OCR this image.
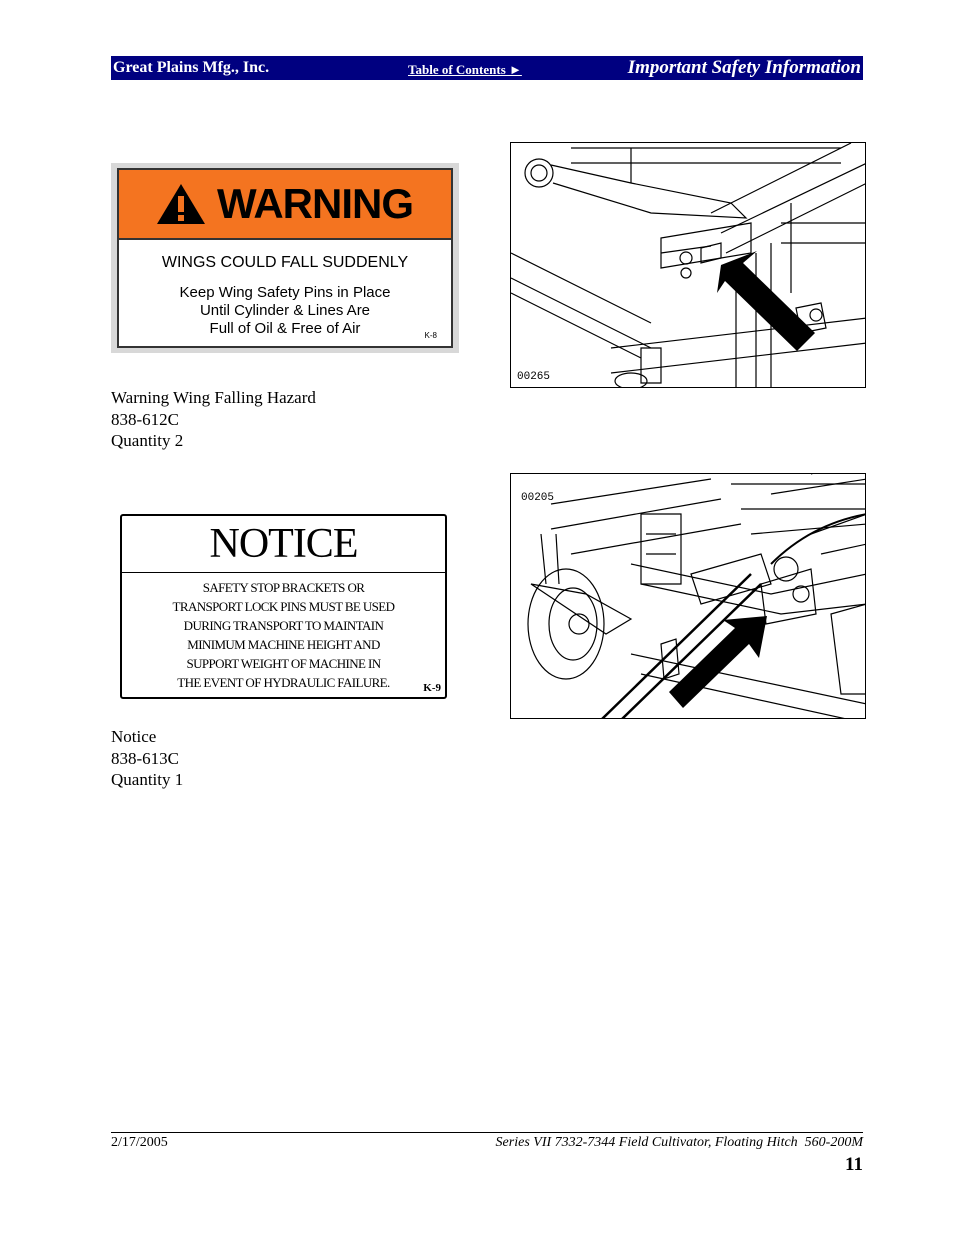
Great Plains Mfg., Inc.	Table of Contents ►	Important Safety Information
WARNING
WINGS COULD FALL SUDDENLY
Keep Wing Safety Pins in Place
Until Cylinder & Lines Are
Full of Oil & Free of Air	K-8
00265
Warning Wing Falling Hazard
838-612C
Quantity 2
NOTICE
SAFETY STOP BRACKETS OR
TRANSPORT LOCK PINS MUST BE USED
DURING TRANSPORT TO MAINTAIN
MINIMUM MACHINE HEIGHT AND
SUPPORT WEIGHT OF MACHINE IN
THE EVENT OF HYDRAULIC FAILURE.	K-9
00205
Notice
838-613C
Quantity 1
2/17/2005	Series VII 7332-7344 Field Cultivator, Floating Hitch  560-200M
11
